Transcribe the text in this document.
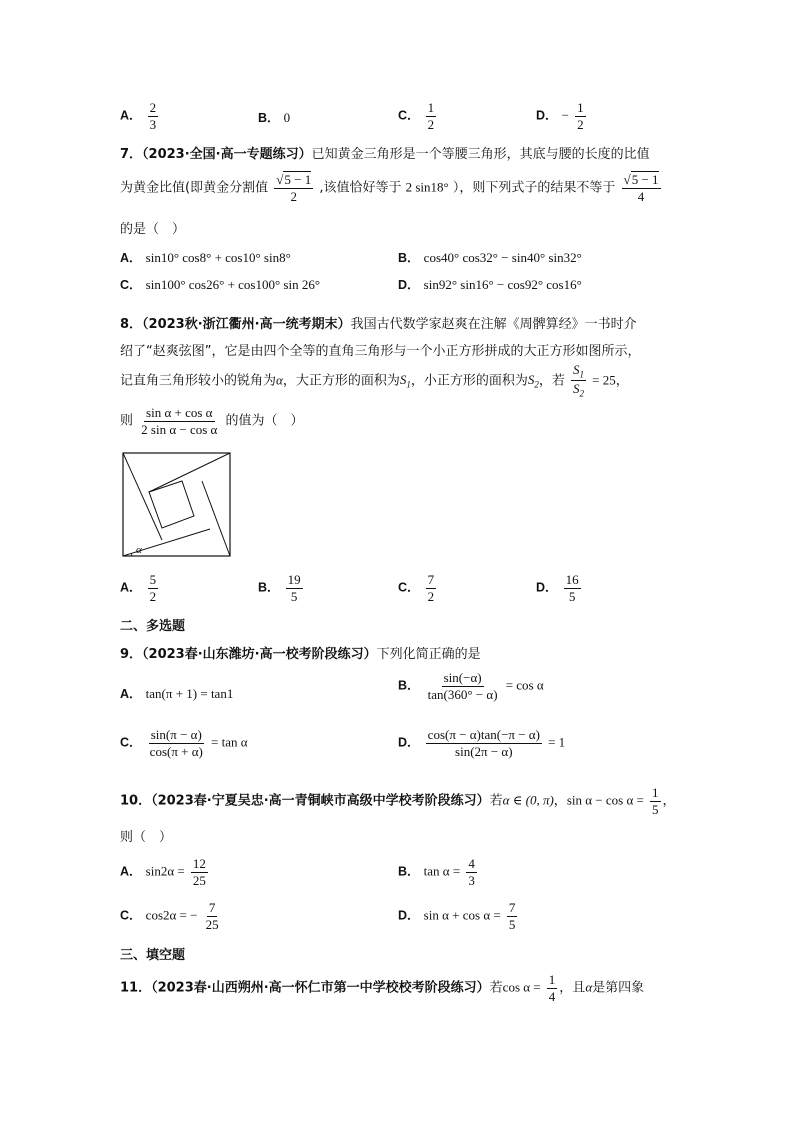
A． $\frac{2}{3}$	B． 0	C． $\frac{1}{2}$	D． − $\frac{1}{2}$
7．（2023·全国·高一专题练习）已知黄金三角形是一个等腰三角形，其底与腰的长度的比值
为黄金比值(即黄金分割值 $\frac{√5 - 1}{2}$ ,该值恰好等于 2 sin18° ），则下列式子的结果不等于 $\frac{√5 - 1}{4}$
的是（　）
A． sin10° cos8° + cos10° sin8°	B． cos40° cos32° − sin40° sin32°
C． sin100° cos26° + cos100° sin 26°	D． sin92° sin16° − cos92° cos16°
8．（2023秋·浙江衢州·高一统考期末）我国古代数学家赵爽在注解《周髀算经》一书时介
绍了“赵爽弦图”，它是由四个全等的直角三角形与一个小正方形拼成的大正方形如图所示，
记直角三角形较小的锐角为α，大正方形的面积为$S_1$，小正方形的面积为$S_2$，若 $\frac{S_1}{S_2} = 25$，
则 $\frac{\text{sin α + cos α}}{\text{2 sin α − cos α}}$ 的值为（　）
α
A． $\frac{5}{2}$	B． $\frac{19}{5}$	C． $\frac{7}{2}$	D． $\frac{16}{5}$
二、多选题
9．（2023春·山东潍坊·高一校考阶段练习）下列化简正确的是
A． tan(π + 1) = tan1
B． $\frac{\sin(-\alpha)}{\tan(360^\circ - \alpha)} = \cos \alpha$
C． $\frac{\sin(\pi - \alpha)}{\cos(\pi + \alpha)} = \tan \alpha$	D． $\frac{\cos(\pi - \alpha)\tan(-\pi - \alpha)}{\sin(2\pi - \alpha)} = 1$
10．（2023春·宁夏吴忠·高一青铜峡市高级中学校考阶段练习）若α ∈ (0, π)，$\sin \alpha - \cos \alpha = \frac{1}{5}$ ，
则（　）
A． $\sin 2\alpha = \frac{12}{25}$	B． $\tan \alpha = \frac{4}{3}$
C． cos2α = − $\frac{7}{25}$	D． $\sin \alpha + \cos \alpha = \frac{7}{5}$
三、填空题
11．（2023春·山西朔州·高一怀仁市第一中学校校考阶段练习）若$\cos \alpha = \frac{1}{4}$ ，且α是第四象
